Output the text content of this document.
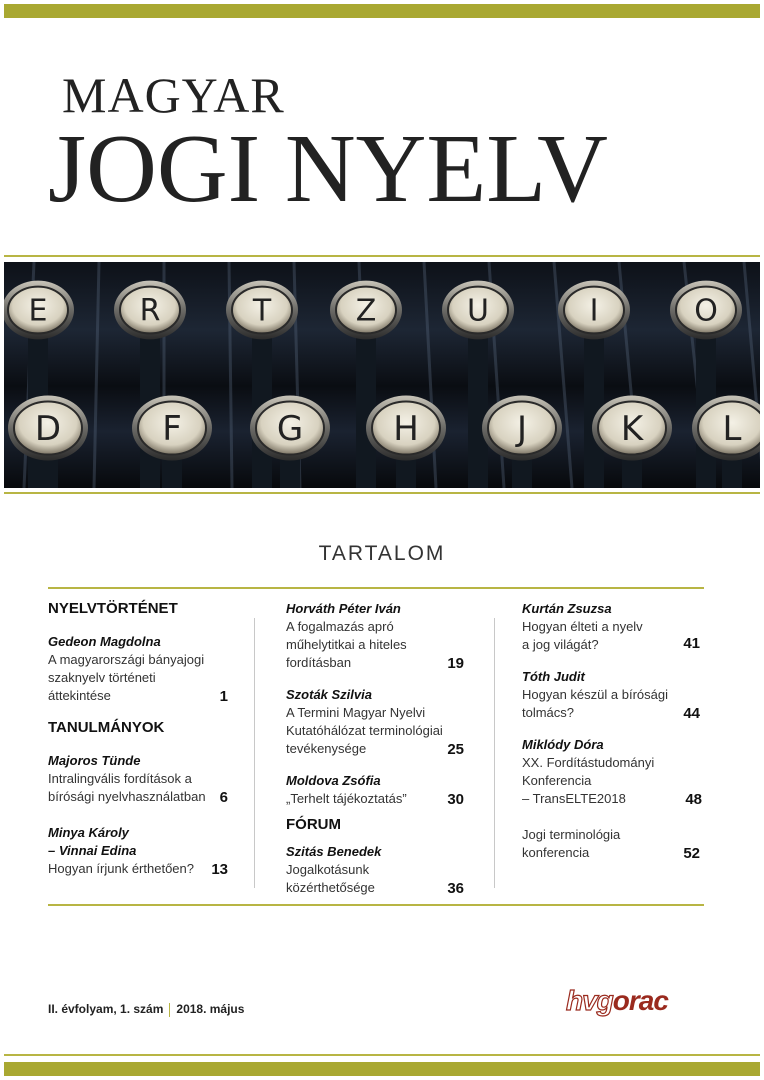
MAGYAR
JOGI NYELV
E	R	T	Z	U	I	O
D	F	G	H	J	K L
TARTALOM
NYELVTÖRTÉNET
Gedeon Magdolna
A magyarországi bányajogi
szaknyelv történeti
áttekintése	1
TANULMÁNYOK
Majoros Tünde
Intralingvális fordítások a
bírósági nyelvhasználatban 6
Minya Károly
– Vinnai Edina
Hogyan írjunk érthetően?	13
Horváth Péter Iván
A fogalmazás apró
műhelytitkai a hiteles
fordításban	19
Szoták Szilvia
A Termini Magyar Nyelvi
Kutatóhálózat terminológiai
tevékenysége	25
Moldova Zsófia
„Terhelt tájékoztatás”	30
FÓRUM
Szitás Benedek
Jogalkotásunk
közérthetősége	36
Kurtán Zsuzsa
Hogyan élteti a nyelv
a jog világát?	41
Tóth Judit
Hogyan készül a bírósági
tolmács?	44
Miklódy Dóra
XX. Fordítástudományi
Konferencia
– TransELTE2018	48
Jogi terminológia
konferencia	52
II. évfolyam, 1. szám 2018. május	hvgorac
